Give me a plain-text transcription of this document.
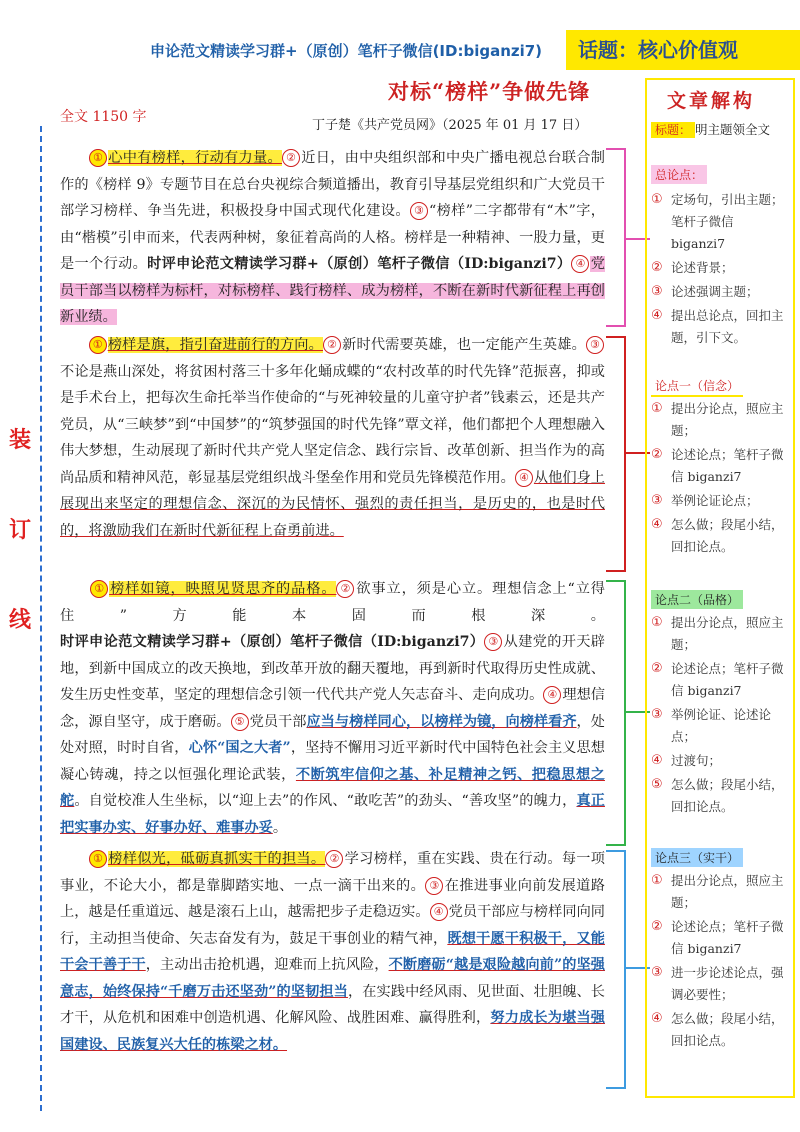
申论范文精读学习群+（原创）笔杆子微信(ID:biganzi7)	话题：核心价值观
对标“榜样”争做先锋
全文 1150 字
丁子楚《共产党员网》（2025 年 01 月 17 日）
装
订
线
　　① 心中有榜样，行动有力量。 ② 近日，由中央组织部和中央广播电视总台联合制作的《榜样 9》专题节目在总台央视综合频道播出，教育引导基层党组织和广大党员干部学习榜样、争当先进，积极投身中国式现代化建设。 ③ “榜样”二字都带有“木”字，由“楷模”引申而来，代表两种树，象征着高尚的人格。榜样是一种精神、一股力量，更是一个行动。时评申论范文精读学习群+（原创）笔杆子微信（ID:biganzi7） ④ 党员干部当以榜样为标杆，对标榜样、践行榜样、成为榜样，不断在新时代新征程上再创新业绩。
　　① 榜样是旗，指引奋进前行的方向。 ② 新时代需要英雄，也一定能产生英雄。 ③不论是燕山深处，将贫困村落三十多年化蛹成蝶的“农村改革的时代先锋”范振喜，抑或是手术台上，把每次生命托举当作使命的“与死神较量的儿童守护者”钱素云，还是共产党员，从“三峡梦”到“中国梦”的“筑梦强国的时代先锋”覃文祥，他们都把个人理想融入伟大梦想，生动展现了新时代共产党人坚定信念、践行宗旨、改革创新、担当作为的高尚品质和精神风范，彰显基层党组织战斗堡垒作用和党员先锋模范作用。 ④ 从他们身上展现出来坚定的理想信念、深沉的为民情怀、强烈的责任担当，是历史的，也是时代的，将激励我们在新时代新征程上奋勇前进。
　　① 榜样如镜，映照见贤思齐的品格。 ② 欲事立，须是心立。理想信念上“立得住”方能本固而根深。时评申论范文精读学习群+（原创）笔杆子微信（ID:biganzi7） ③ 从建党的开天辟地，到新中国成立的改天换地，到改革开放的翻天覆地，再到新时代取得历史性成就、发生历史性变革，坚定的理想信念引领一代代共产党人矢志奋斗、走向成功。 ④ 理想信念，源自坚守，成于磨砺。 ⑤ 党员干部应当与榜样同心，以榜样为镜，向榜样看齐，处处对照，时时自省，心怀“国之大者”，坚持不懈用习近平新时代中国特色社会主义思想凝心铸魂，持之以恒强化理论武装，不断筑牢信仰之基、补足精神之钙、把稳思想之舵。自觉校准人生坐标，以“迎上去”的作风、“敢吃苦”的劲头、“善攻坚”的魄力，真正把实事办实、好事办好、难事办妥。
　　① 榜样似光，砥砺真抓实干的担当。 ② 学习榜样，重在实践、贵在行动。每一项事业，不论大小，都是靠脚踏实地、一点一滴干出来的。 ③ 在推进事业向前发展道路上，越是任重道远、越是滚石上山，越需把步子走稳迈实。 ④ 党员干部应与榜样同向同行，主动担当使命、矢志奋发有为，鼓足干事创业的精气神，既想干愿干积极干，又能干会干善于干，主动出击抢机遇，迎难而上抗风险，不断磨砺“越是艰险越向前”的坚强意志，始终保持“千磨万击还坚劲”的坚韧担当，在实践中经风雨、见世面、壮胆魄、长才干，从危机和困难中创造机遇、化解风险、战胜困难、赢得胜利，努力成长为堪当强国建设、民族复兴大任的栋梁之材。
文章解构
标题： 明主题领全文
总论点：
① 定场句，引出主题；笔杆子微信 biganzi7
② 论述背景；
③ 论述强调主题；
④ 提出总论点，回扣主题，引下文。
论点一（信念）
① 提出分论点，照应主题；
② 论述论点；笔杆子微信 biganzi7
③ 举例论证论点；
④ 怎么做；段尾小结，回扣论点。
论点二（品格）
① 提出分论点，照应主题；
② 论述论点；笔杆子微信 biganzi7
③ 举例论证、论述论点；
④ 过渡句；
⑤ 怎么做；段尾小结，回扣论点。
论点三（实干）
① 提出分论点，照应主题；
② 论述论点；笔杆子微信 biganzi7
③ 进一步论述论点，强调必要性；
④ 怎么做；段尾小结，回扣论点。
